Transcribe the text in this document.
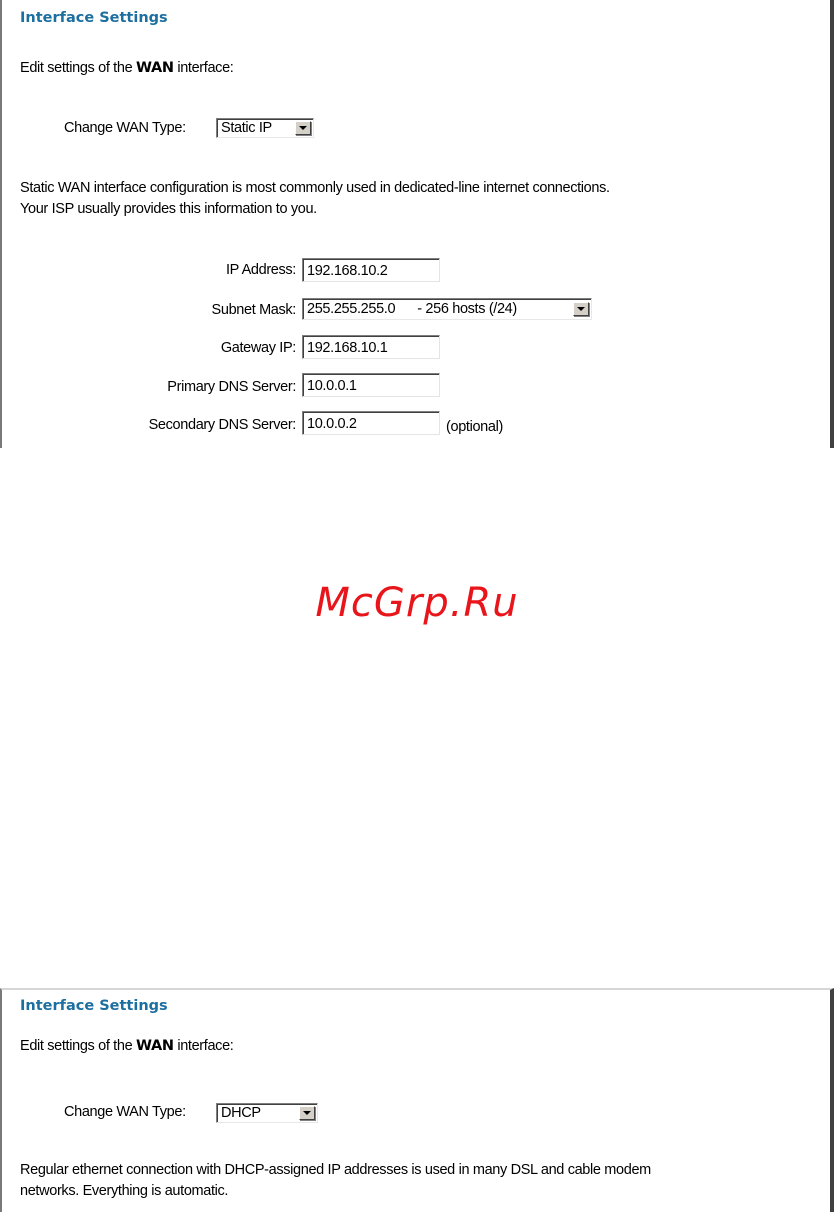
Interface Settings
Edit settings of the WAN interface:
Change WAN Type: Static IP
Static WAN interface configuration is most commonly used in dedicated-line internet connections.
Your ISP usually provides this information to you.
IP Address:
192.168.10.2
Subnet Mask: 255.255.255.0      - 256 hosts (/24)
Gateway IP:
192.168.10.1
Primary DNS Server:
10.0.0.1
Secondary DNS Server:
10.0.0.2	(optional)
McGrp.Ru
Interface Settings
Edit settings of the WAN interface:
Change WAN Type: DHCP
Regular ethernet connection with DHCP-assigned IP addresses is used in many DSL and cable modem
networks. Everything is automatic.
